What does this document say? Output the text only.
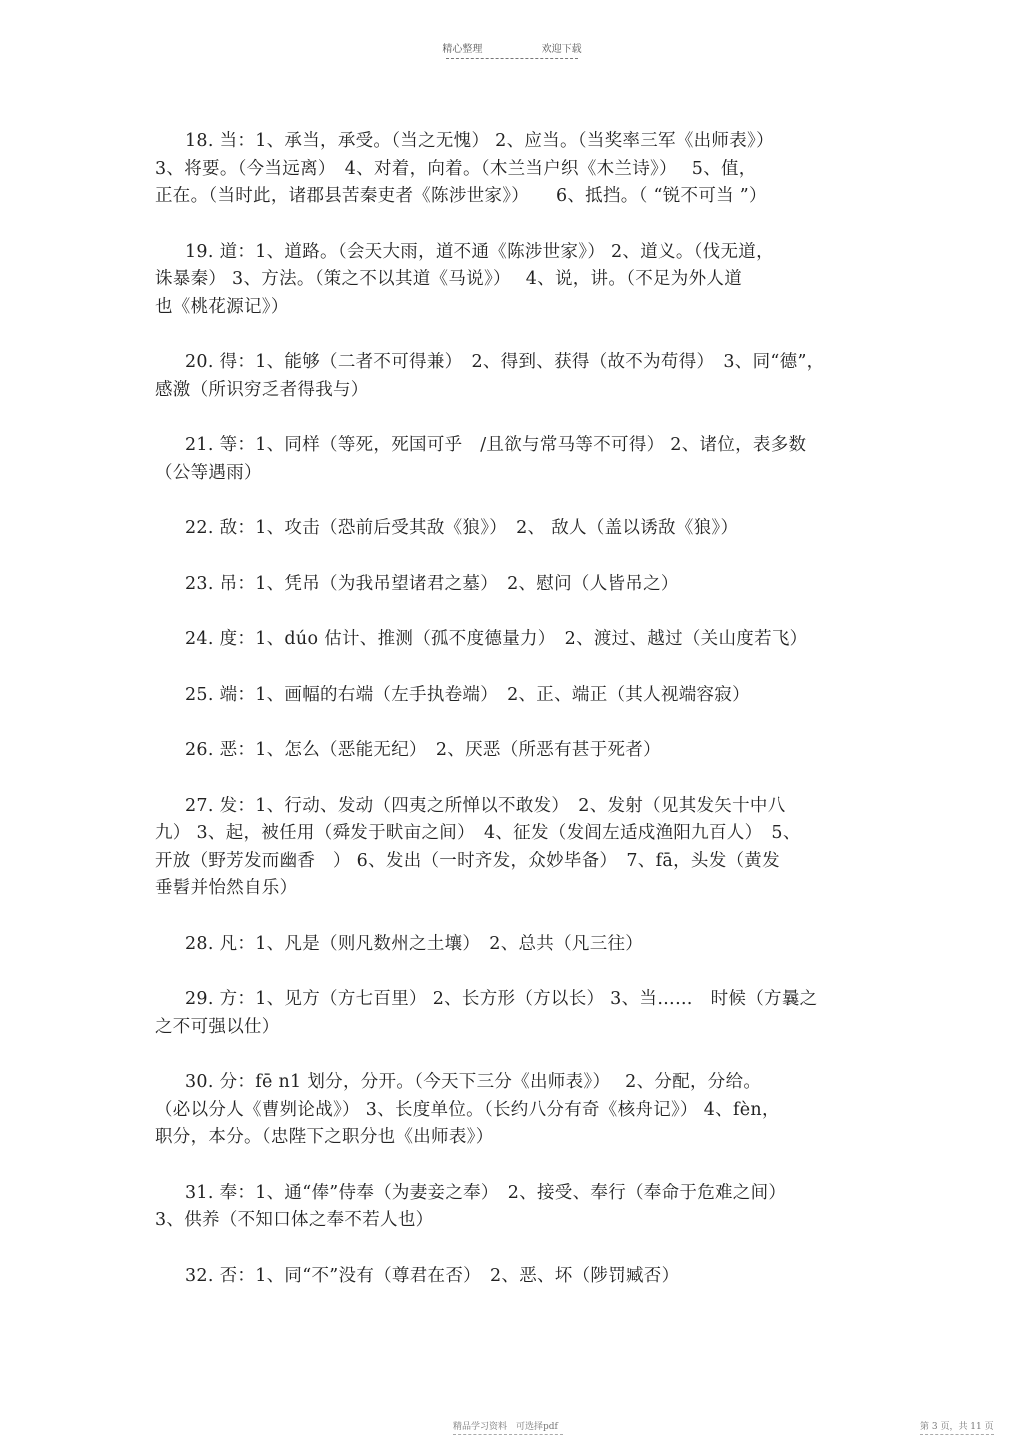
精心整理	欢迎下载
18. 当：1、承当，承受。（当之无愧） 2、应当。（当奖率三军《出师表》）
3、将要。（今当远离）　4、对着，向着。（木兰当户织《木兰诗》）　 5、值，
正在。（当时此，诸郡县苦秦吏者《陈涉世家》）　　6、抵挡。（ “锐不可当 ”）
19. 道：1、道路。（会天大雨，道不通《陈涉世家》） 2、道义。（伐无道，
诛暴秦） 3、方法。（策之不以其道《马说》）　 4、说，讲。（不足为外人道
也《桃花源记》）
20. 得：1、能够（二者不可得兼）　2、得到、获得（故不为苟得）　3、同“德”，
感激（所识穷乏者得我与）
21. 等：1、同样（等死，死国可乎　/且欲与常马等不可得） 2、诸位，表多数
（公等遇雨）
22. 敌：1、攻击（恐前后受其敌《狼》）　2、 敌人（盖以诱敌《狼》）
23. 吊：1、凭吊（为我吊望诸君之墓）　2、慰问（人皆吊之）
24. 度：1、dúo 估计、推测（孤不度德量力）　2、渡过、越过（关山度若飞）
25. 端：1、画幅的右端（左手执卷端）　2、正、端正（其人视端容寂）
26. 恶：1、怎么（恶能无纪）　2、厌恶（所恶有甚于死者）
27. 发：1、行动、发动（四夷之所惮以不敢发）　2、发射（见其发矢十中八
九） 3、起，被任用（舜发于畎亩之间）　4、征发（发闾左适戍渔阳九百人）　5、
开放（野芳发而幽香　） 6、发出（一时齐发，众妙毕备）　7、fā，头发（黄发
垂髫并怡然自乐）
28. 凡：1、凡是（则凡数州之土壤）　2、总共（凡三往）
29. 方：1、见方（方七百里） 2、长方形（方以长） 3、当……　时候（方曩之
之不可强以仕）
30. 分：fē n1 划分，分开。（今天下三分《出师表》）　 2、分配，分给。
（必以分人《曹刿论战》） 3、长度单位。（长约八分有奇《核舟记》） 4、fèn，
职分，本分。（忠陛下之职分也《出师表》）
31. 奉：1、通“俸”侍奉（为妻妾之奉）　2、接受、奉行（奉命于危难之间）
3、供养（不知口体之奉不若人也）
32. 否：1、同“不”没有（尊君在否）　2、恶、坏（陟罚臧否）
精品学习资料　可选择pdf	第 3 页，共 11 页
